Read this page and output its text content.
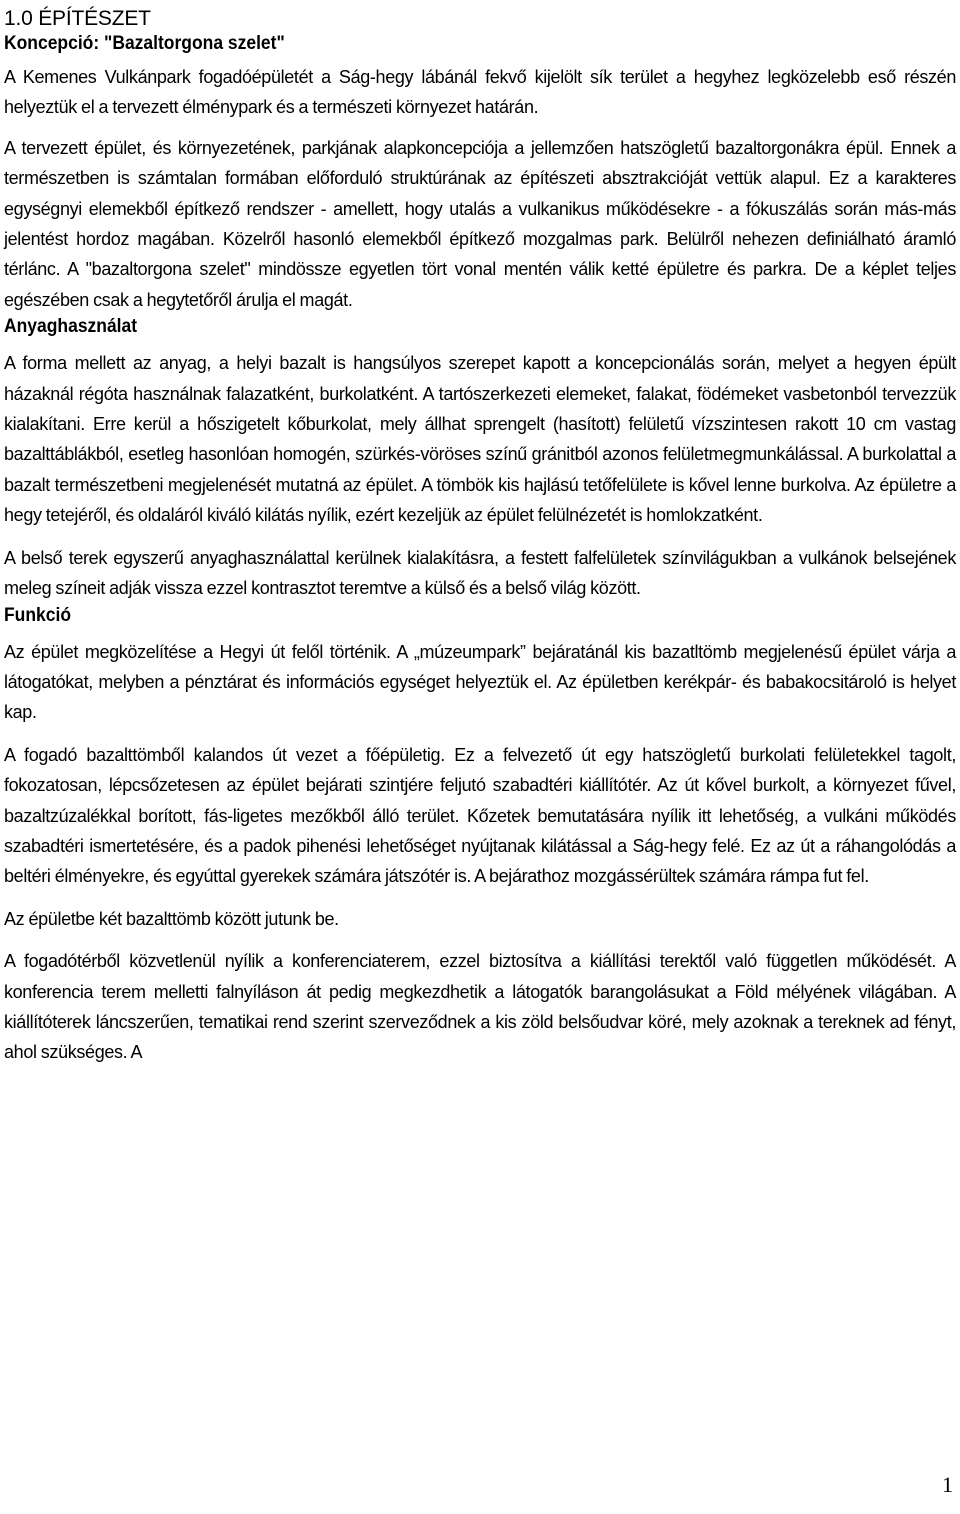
1.0 ÉPÍTÉSZET
Koncepció: "Bazaltorgona szelet"

A Kemenes Vulkánpark fogadóépületét a Ság-hegy lábánál fekvő kijelölt sík terület a hegyhez legközelebb eső részén helyeztük el a tervezett élménypark és a természeti környezet határán.

A tervezett épület, és környezetének, parkjának alapkoncepciója a jellemzően hatszögletű bazaltorgonákra épül. Ennek a természetben is számtalan formában előforduló struktúrának az építészeti absztrakcióját vettük alapul. Ez a karakteres egységnyi elemekből építkező rendszer - amellett, hogy utalás a vulkanikus működésekre - a fókuszálás során más-más jelentést hordoz magában. Közelről hasonló elemekből építkező mozgalmas park. Belülről nehezen definiálható áramló térlánc. A "bazaltorgona szelet" mindössze egyetlen tört vonal mentén válik ketté épületre és parkra. De a képlet teljes egészében csak a hegytetőről árulja el magát.

Anyaghasználat

A forma mellett az anyag, a helyi bazalt is hangsúlyos szerepet kapott a koncepcionálás során, melyet a hegyen épült házaknál régóta használnak falazatként, burkolatként. A tartószerkezeti elemeket, falakat, födémeket vasbetonból tervezzük kialakítani. Erre kerül a hőszigetelt kőburkolat, mely állhat sprengelt (hasított) felületű vízszintesen rakott 10 cm vastag bazalttáblákból, esetleg hasonlóan homogén, szürkés-vöröses színű gránitból azonos felületmegmunkálással. A burkolattal a bazalt természetbeni megjelenését mutatná az épület. A tömbök kis hajlású tetőfelülete is kővel lenne burkolva. Az épületre a hegy tetejéről, és oldaláról kiváló kilátás nyílik, ezért kezeljük az épület felülnézetét is homlokzatként.

A belső terek egyszerű anyaghasználattal kerülnek kialakításra, a festett falfelületek színvilágukban a vulkánok belsejének meleg színeit adják vissza ezzel kontrasztot teremtve a külső és a belső világ között.

Funkció

Az épület megközelítése a Hegyi út felől történik. A „múzeumpark” bejáratánál kis bazatltömb megjelenésű épület várja a látogatókat, melyben a pénztárat és információs egységet helyeztük el. Az épületben kerékpár- és babakocsitároló is helyet kap.

A fogadó bazalttömből kalandos út vezet a főépületig. Ez a felvezető út egy hatszögletű burkolati felületekkel tagolt, fokozatosan, lépcsőzetesen az épület bejárati szintjére feljutó szabadtéri kiállítótér. Az út kővel burkolt, a környezet fűvel, bazaltzúzalékkal borított, fás-ligetes mezőkből álló terület. Kőzetek bemutatására nyílik itt lehetőség, a vulkáni működés szabadtéri ismertetésére, és a padok pihenési lehetőséget nyújtanak kilátással a Ság-hegy felé. Ez az út a ráhangolódás a beltéri élményekre, és egyúttal gyerekek számára játszótér is. A bejárathoz mozgássérültek számára rámpa fut fel.

Az épületbe két bazalttömb között jutunk be.

A fogadótérből közvetlenül nyílik a konferenciaterem, ezzel biztosítva a kiállítási terektől való független működését. A konferencia terem melletti falnyíláson át pedig megkezdhetik a látogatók barangolásukat a Föld mélyének világában. A kiállítóterek láncszerűen, tematikai rend szerint szerveződnek a kis zöld belsőudvar köré, mely azoknak a tereknek ad fényt, ahol szükséges. A

1
